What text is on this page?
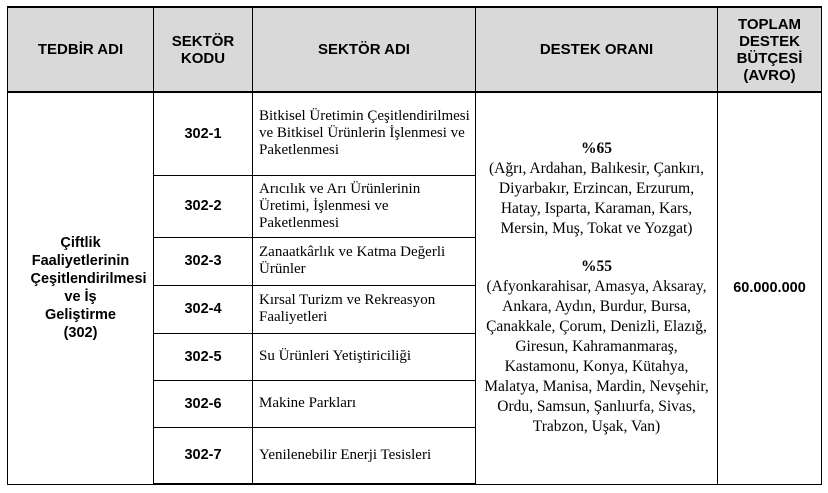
TEDBİR ADI	SEKTÖR KODU	SEKTÖR ADI	DESTEK ORANI	TOPLAM DESTEK BÜTÇESİ (AVRO)

Çiftlik Faaliyetlerinin Çeşitlendirilmesi ve İş Geliştirme (302)	302-1	Bitkisel Üretimin Çeşitlendirilmesi ve Bitkisel Ürünlerin İşlenmesi ve Paketlenmesi	%65
(Ağrı, Ardahan, Balıkesir, Çankırı, Diyarbakır, Erzincan, Erzurum, Hatay, Isparta, Karaman, Kars, Mersin, Muş, Tokat ve Yozgat)
%55
(Afyonkarahisar, Amasya, Aksaray, Ankara, Aydın, Burdur, Bursa, Çanakkale, Çorum, Denizli, Elazığ, Giresun, Kahramanmaraş, Kastamonu, Konya, Kütahya, Malatya, Manisa, Mardin, Nevşehir, Ordu, Samsun, Şanlıurfa, Sivas, Trabzon, Uşak, Van)	60.000.000
	302-2	Arıcılık ve Arı Ürünlerinin Üretimi, İşlenmesi ve Paketlenmesi		
	302-3	Zanaatkârlık ve Katma Değerli Ürünler		
	302-4	Kırsal Turizm ve Rekreasyon Faaliyetleri		
	302-5	Su Ürünleri Yetiştiriciliği		
	302-6	Makine Parkları		
	302-7	Yenilenebilir Enerji Tesisleri		
